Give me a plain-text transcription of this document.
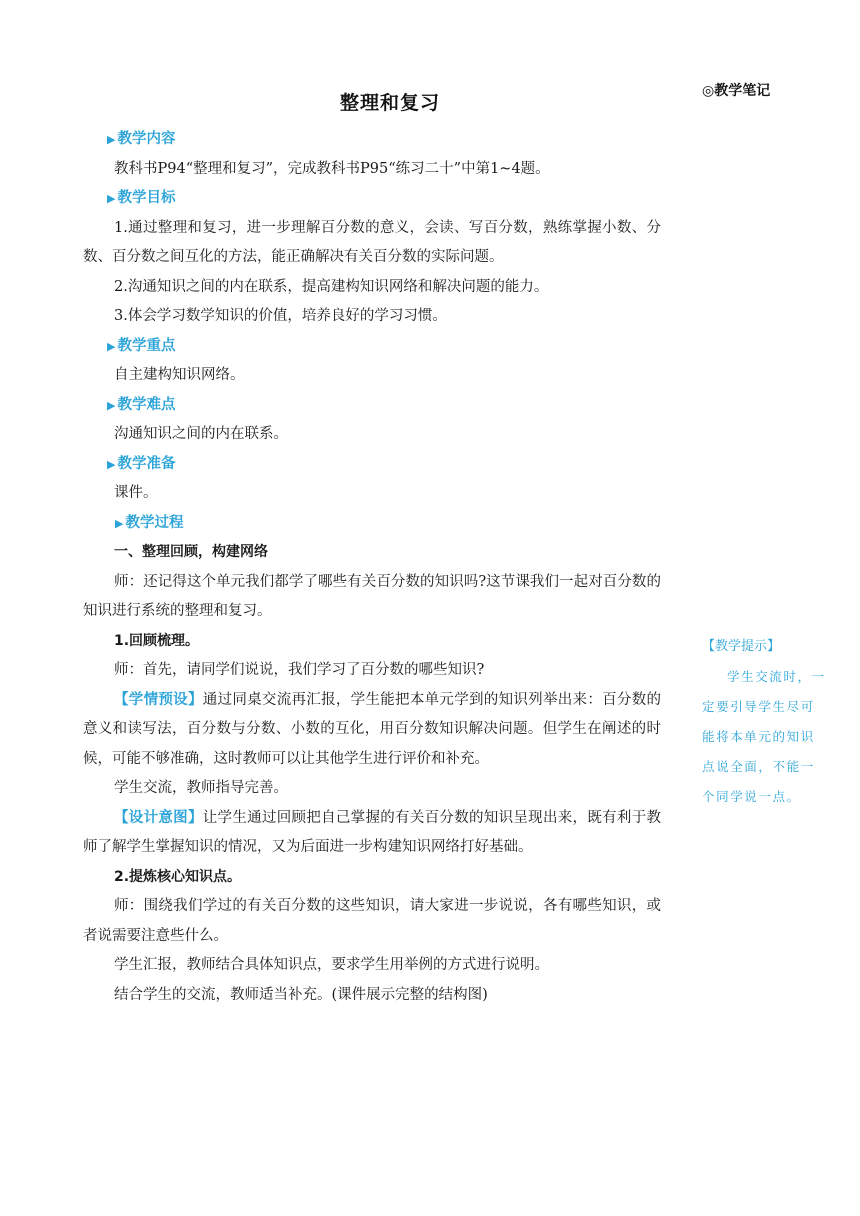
整理和复习
◎教学笔记
▶ 教学内容

教科书P94“整理和复习”，完成教科书P95“练习二十”中第1~4题。

▶ 教学目标

1.通过整理和复习，进一步理解百分数的意义，会读、写百分数，熟练掌握小数、分数、百分数之间互化的方法，能正确解决有关百分数的实际问题。

2.沟通知识之间的内在联系，提高建构知识网络和解决问题的能力。

3.体会学习数学知识的价值，培养良好的学习习惯。

▶ 教学重点

自主建构知识网络。

▶ 教学难点

沟通知识之间的内在联系。

▶ 教学准备

课件。

▶ 教学过程

一、整理回顾，构建网络

师：还记得这个单元我们都学了哪些有关百分数的知识吗?这节课我们一起对百分数的知识进行系统的整理和复习。

1.回顾梳理。

师：首先，请同学们说说，我们学习了百分数的哪些知识?

【学情预设】通过同桌交流再汇报，学生能把本单元学到的知识列举出来：百分数的意义和读写法，百分数与分数、小数的互化，用百分数知识解决问题。但学生在阐述的时候，可能不够准确，这时教师可以让其他学生进行评价和补充。

学生交流，教师指导完善。

【设计意图】让学生通过回顾把自己掌握的有关百分数的知识呈现出来，既有利于教师了解学生掌握知识的情况，又为后面进一步构建知识网络打好基础。

2.提炼核心知识点。

师：围绕我们学过的有关百分数的这些知识，请大家进一步说说，各有哪些知识，或者说需要注意些什么。

学生汇报，教师结合具体知识点，要求学生用举例的方式进行说明。

结合学生的交流，教师适当补充。(课件展示完整的结构图)

【教学提示】
学生交流时，一定要引导学生尽可能将本单元的知识点说全面，不能一个同学说一点。
